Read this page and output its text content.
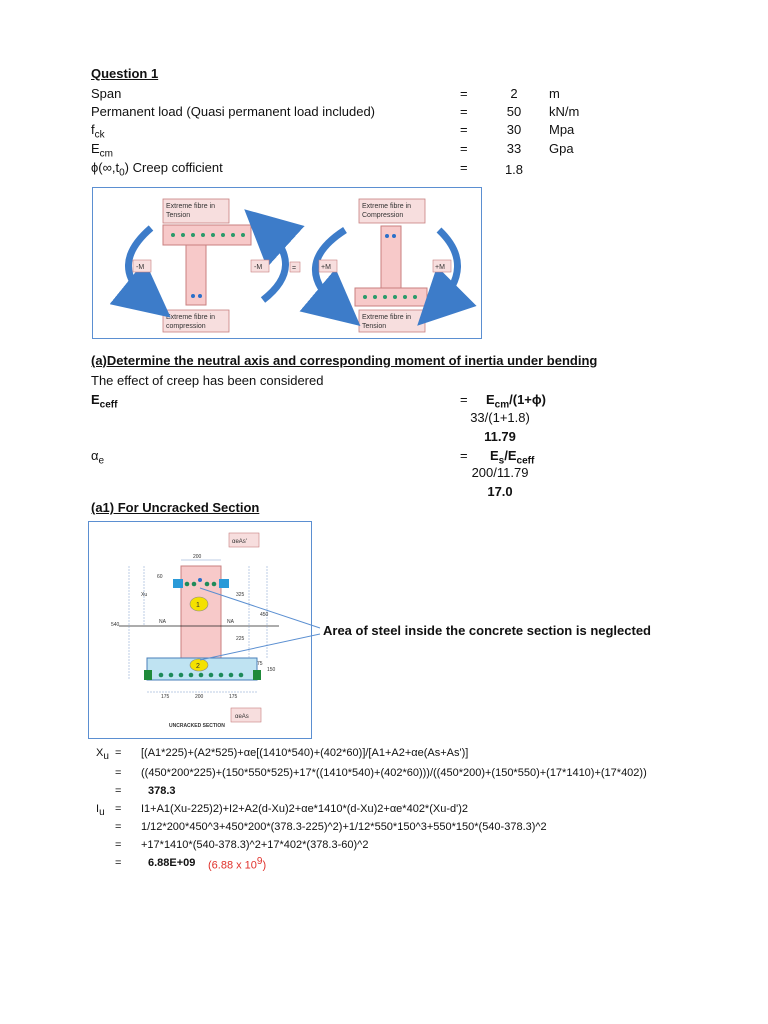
Question 1
Span	=	2	m
Permanent load (Quasi permanent load included)	=	50	kN/m
$f_{ck}$	=	30	Mpa
$E_{cm}$	=	33	Gpa
$\phi(\infty,t_0)$ Creep cofficient	=	1.8
Extreme fibre in
Tension
Extreme fibre in
compression
-M	-M	=
Extreme fibre in
Compression
Extreme fibre in
Tension
+M	+M
(a)Determine the neutral axis and corresponding moment of inertia under bending
The effect of creep has been considered
$E_{ceff}$	= $E_{cm}/(1+\phi)$
33/(1+1.8)
11.79
$\alpha_e$	= $E_s/E_{ceff}$
200/11.79
17.0
(a1) For Uncracked Section
αeAs'
200
1
2
NA	NA
540
Xu
60
325
225
450
75
150
175	200	175
αeAs
UNCRACKED SECTION
Area of steel inside the concrete section is neglected
$X_u = [(A1*225)+(A2*525)+\alpha e[(1410*540)+(402*60)]/[A1+A2+\alpha e(As+As')]$
= ((450*200*225)+(150*550*525)+17*((1410*540)+(402*60)))/((450*200)+(150*550)+(17*1410)+(17*402))
= 378.3
$I_u = I1+A1(Xu-225)2)+I2+A2(d-Xu)2+\alpha e*1410*(d-Xu)2+\alpha e*402*(Xu-d')2$
= 1/12*200*450^3+450*200*(378.3-225)^2)+1/12*550*150^3+550*150*(540-378.3)^2
= +17*1410*(540-378.3)^2+17*402*(378.3-60)^2
= 6.88E+09 (6.88 x $10^9$)
